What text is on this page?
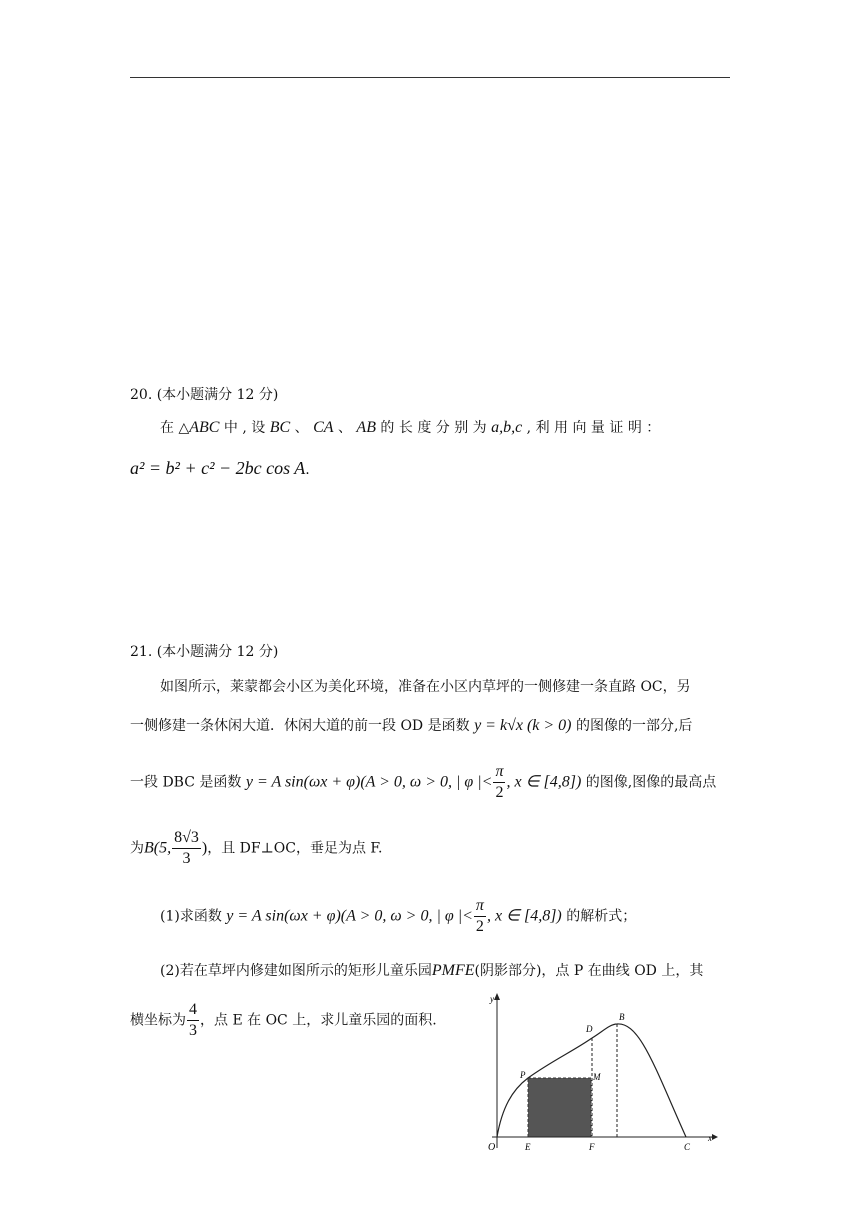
20. (本小题满分 12 分)
在 △ABC 中 , 设 BC 、 CA 、 AB 的 长 度 分 别 为 a,b,c , 利 用 向 量 证 明 ：
a² = b² + c² − 2bc cos A.
21. (本小题满分 12 分)
如图所示，莱蒙都会小区为美化环境，准备在小区内草坪的一侧修建一条直路 OC，另
一侧修建一条休闲大道．休闲大道的前一段 OD 是函数 y = k√x (k > 0) 的图像的一部分,后
一段 DBC 是函数 y = A sin(ωx + φ)(A > 0, ω > 0, | φ |< $\frac{\pi}{2}$ , x ∈ [4,8]) 的图像,图像的最高点
为B(5, $\frac{8√3}{3}$ )，且 DF⊥OC，垂足为点 F.
(1)求函数 y = A sin(ωx + φ)(A > 0, ω > 0, | φ |< $\frac{\pi}{2}$ , x ∈ [4,8]) 的解析式；
(2)若在草坪内修建如图所示的矩形儿童乐园PMFE(阴影部分)，点 P 在曲线 OD 上，其
横坐标为 $\frac{4}{3}$ ，点 E 在 OC 上，求儿童乐园的面积.
y
x
O	E	F	C
P	M
D
B
